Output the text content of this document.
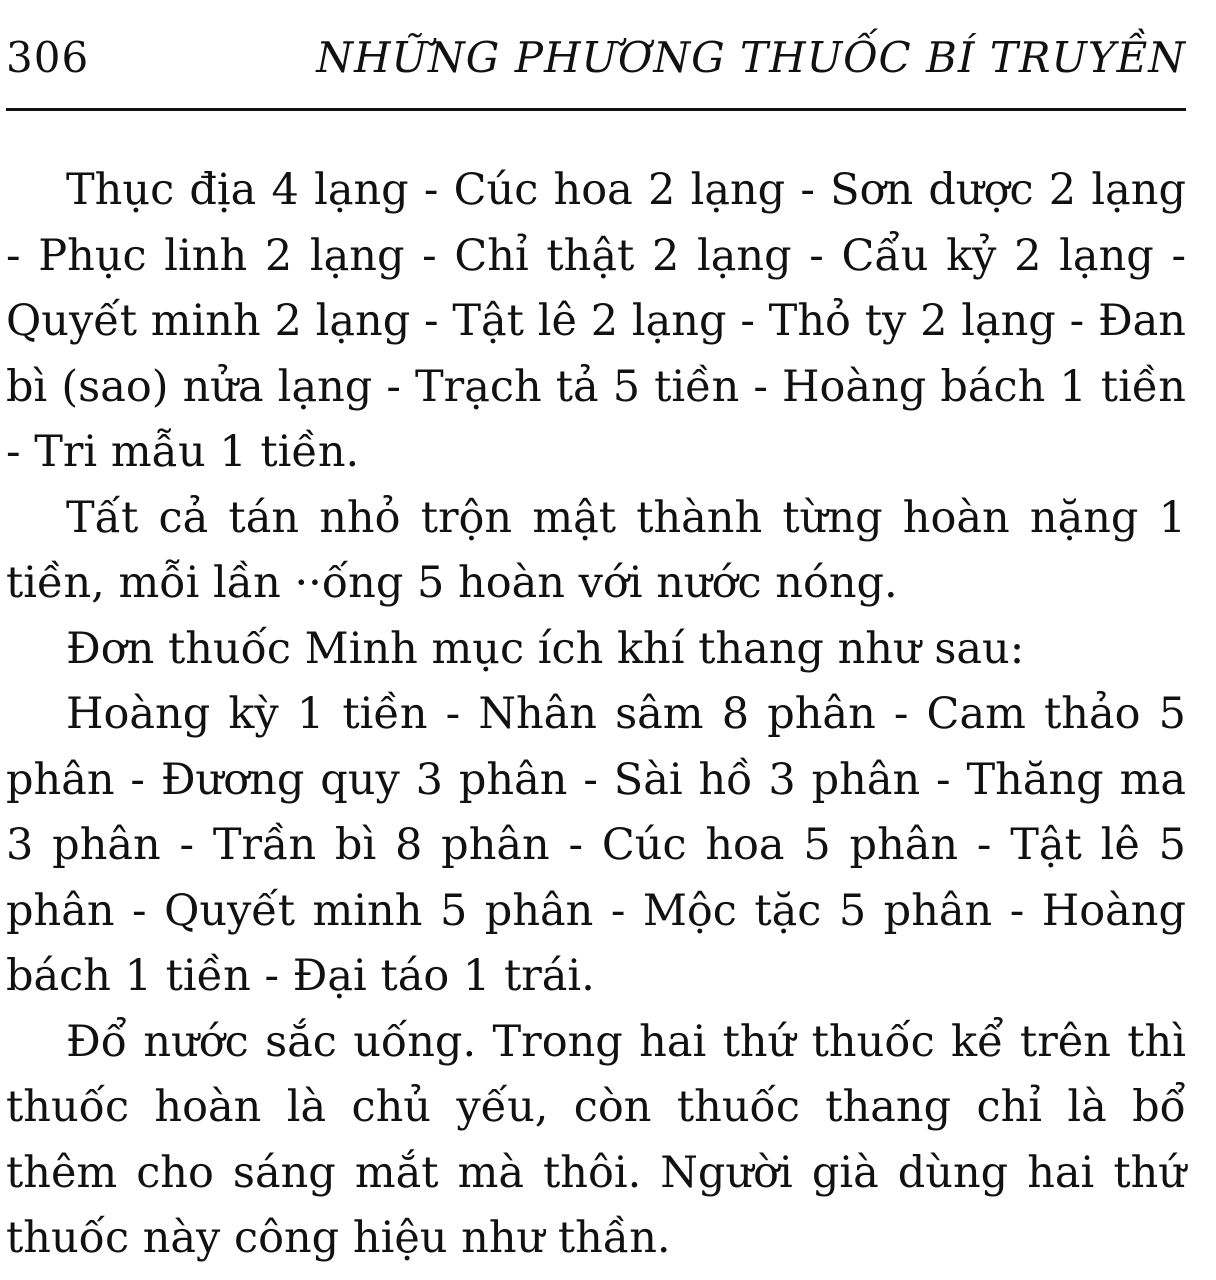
306	NHỮNG PHƯƠNG THUỐC BÍ TRUYỀN

Thục địa 4 lạng - Cúc hoa 2 lạng - Sơn dược 2 lạng - Phục linh 2 lạng - Chỉ thật 2 lạng - Cẩu kỷ 2 lạng - Quyết minh 2 lạng - Tật lê 2 lạng - Thỏ ty 2 lạng - Đan bì (sao) nửa lạng - Trạch tả 5 tiền - Hoàng bách 1 tiền - Tri mẫu 1 tiền.

Tất cả tán nhỏ trộn mật thành từng hoàn nặng 1 tiền, mỗi lần ··ống 5 hoàn với nước nóng.

Đơn thuốc Minh mục ích khí thang như sau:

Hoàng kỳ 1 tiền - Nhân sâm 8 phân - Cam thảo 5 phân - Đương quy 3 phân - Sài hồ 3 phân - Thăng ma 3 phân - Trần bì 8 phân - Cúc hoa 5 phân - Tật lê 5 phân - Quyết minh 5 phân - Mộc tặc 5 phân - Hoàng bách 1 tiền - Đại táo 1 trái.

Đổ nước sắc uống. Trong hai thứ thuốc kể trên thì thuốc hoàn là chủ yếu, còn thuốc thang chỉ là bổ thêm cho sáng mắt mà thôi. Người già dùng hai thứ thuốc này công hiệu như thần.
